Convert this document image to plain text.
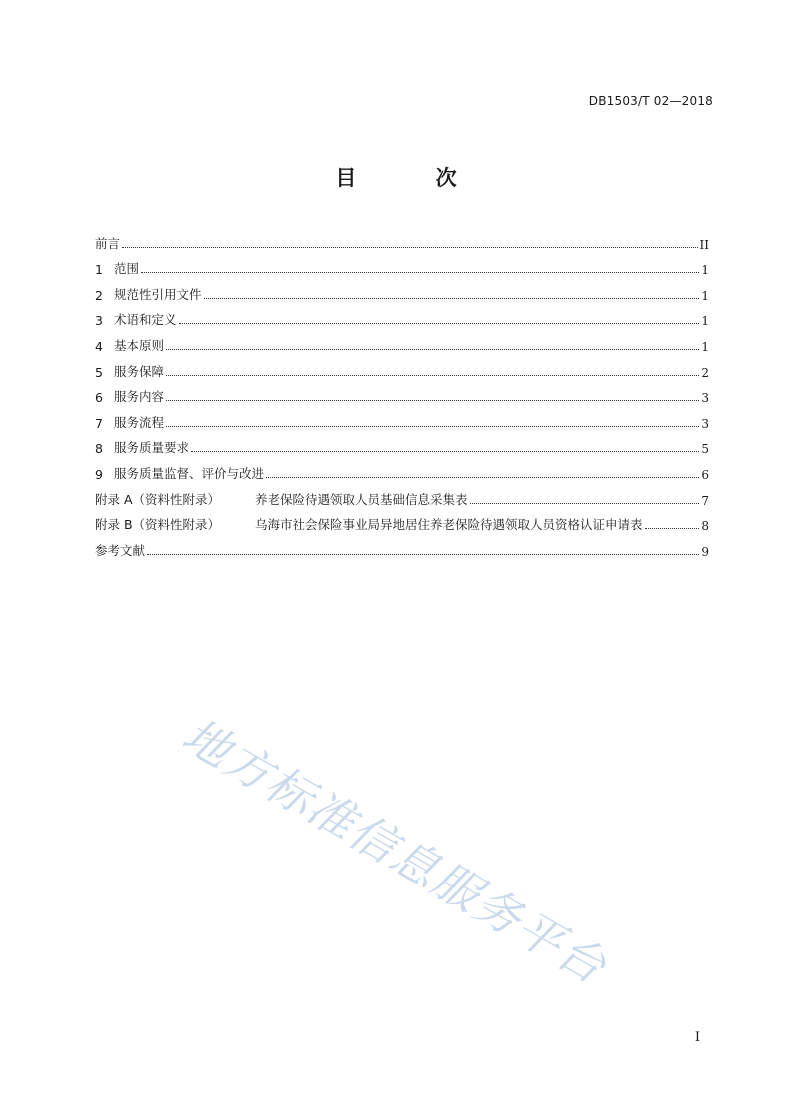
DB1503/T 02—2018
目 次
前言	II
1 范围	1
2 规范性引用文件	1
3 术语和定义	1
4 基本原则	1
5 服务保障	2
6 服务内容	3
7 服务流程	3
8 服务质量要求	5
9 服务质量监督、评价与改进	6
附录 A（资料性附录）	养老保险待遇领取人员基础信息采集表	7
附录 B（资料性附录）	乌海市社会保险事业局异地居住养老保险待遇领取人员资格认证申请表	8
参考文献	9
地方标准信息服务平台
I
